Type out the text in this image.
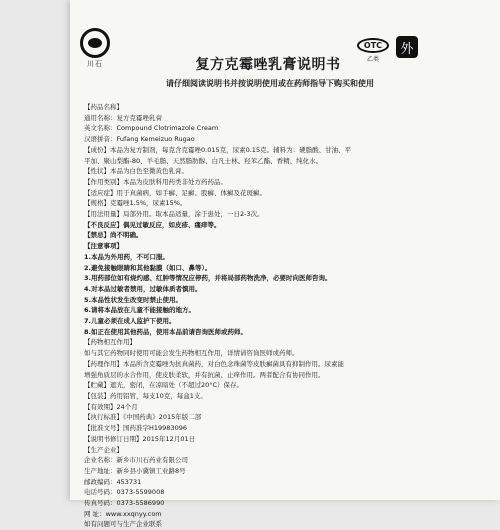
川石
OTC
乙类
外
复方克霉唑乳膏说明书
请仔细阅读说明书并按说明使用或在药师指导下购买和使用
【药品名称】
通用名称：复方克霉唑乳膏
英文名称：Compound Clotrimazole Cream
汉语拼音：Fufang Kemeizuo Rugao
【成份】本品为复方制剂，每克含克霉唑0.015克，尿素0.15克。辅料为：硬脂酸、甘油、平
平加、聚山梨酯-80、羊毛脂、天然脂肪醇、白凡士林、羟苯乙酯、香精、纯化水。
【性状】本品为白色至微黄色乳膏。
【作用类别】本品为皮肤科用药类非处方药药品。
【适应症】用于真菌病，如手癣、足癣、股癣、体癣及花斑癣。
【规格】克霉唑1.5%，尿素15%。
【用法用量】局部外用。取本品适量，涂于患处，一日2-3次。
【不良反应】偶见过敏反应，如皮疹、瘙痒等。
【禁忌】尚不明确。
【注意事项】
1.本品为外用药，不可口服。
2.避免接触眼睛和其他黏膜（如口、鼻等）。
3.用药部位如有烧灼感、红肿等情况应停药，并将局部药物洗净，必要时向医师咨询。
4.对本品过敏者禁用，过敏体质者慎用。
5.本品性状发生改变时禁止使用。
6.请将本品放在儿童不能接触的地方。
7.儿童必须在成人监护下使用。
8.如正在使用其他药品，使用本品前请咨询医师或药师。
【药物相互作用】
如与其它药物同时使用可能会发生药物相互作用，详情请咨询医师或药师。
【药理作用】本品所含克霉唑为抗真菌药，对白色念珠菌等皮肤癣菌具有抑制作用。尿素能
增强角质层的水合作用，使皮肤柔软，并有抗菌、止痒作用。两者配合有协同作用。
【贮藏】遮光，密闭，在凉暗处（不超过20°C）保存。
【包装】药用铝管，每支10克，每盒1支。
【有效期】24个月
【执行标准】《中国药典》2015年版二部
【批准文号】国药准字H19983096
【说明书修订日期】2015年12月01日
【生产企业】
企业名称：新乡市川石药业有限公司
生产地址：新乡县小冀镇工业路8号
邮政编码：453731
电话号码：0373-5599008
传真号码：0373-5586990
网 址：www.xxqnyy.com
如有问题可与生产企业联系
